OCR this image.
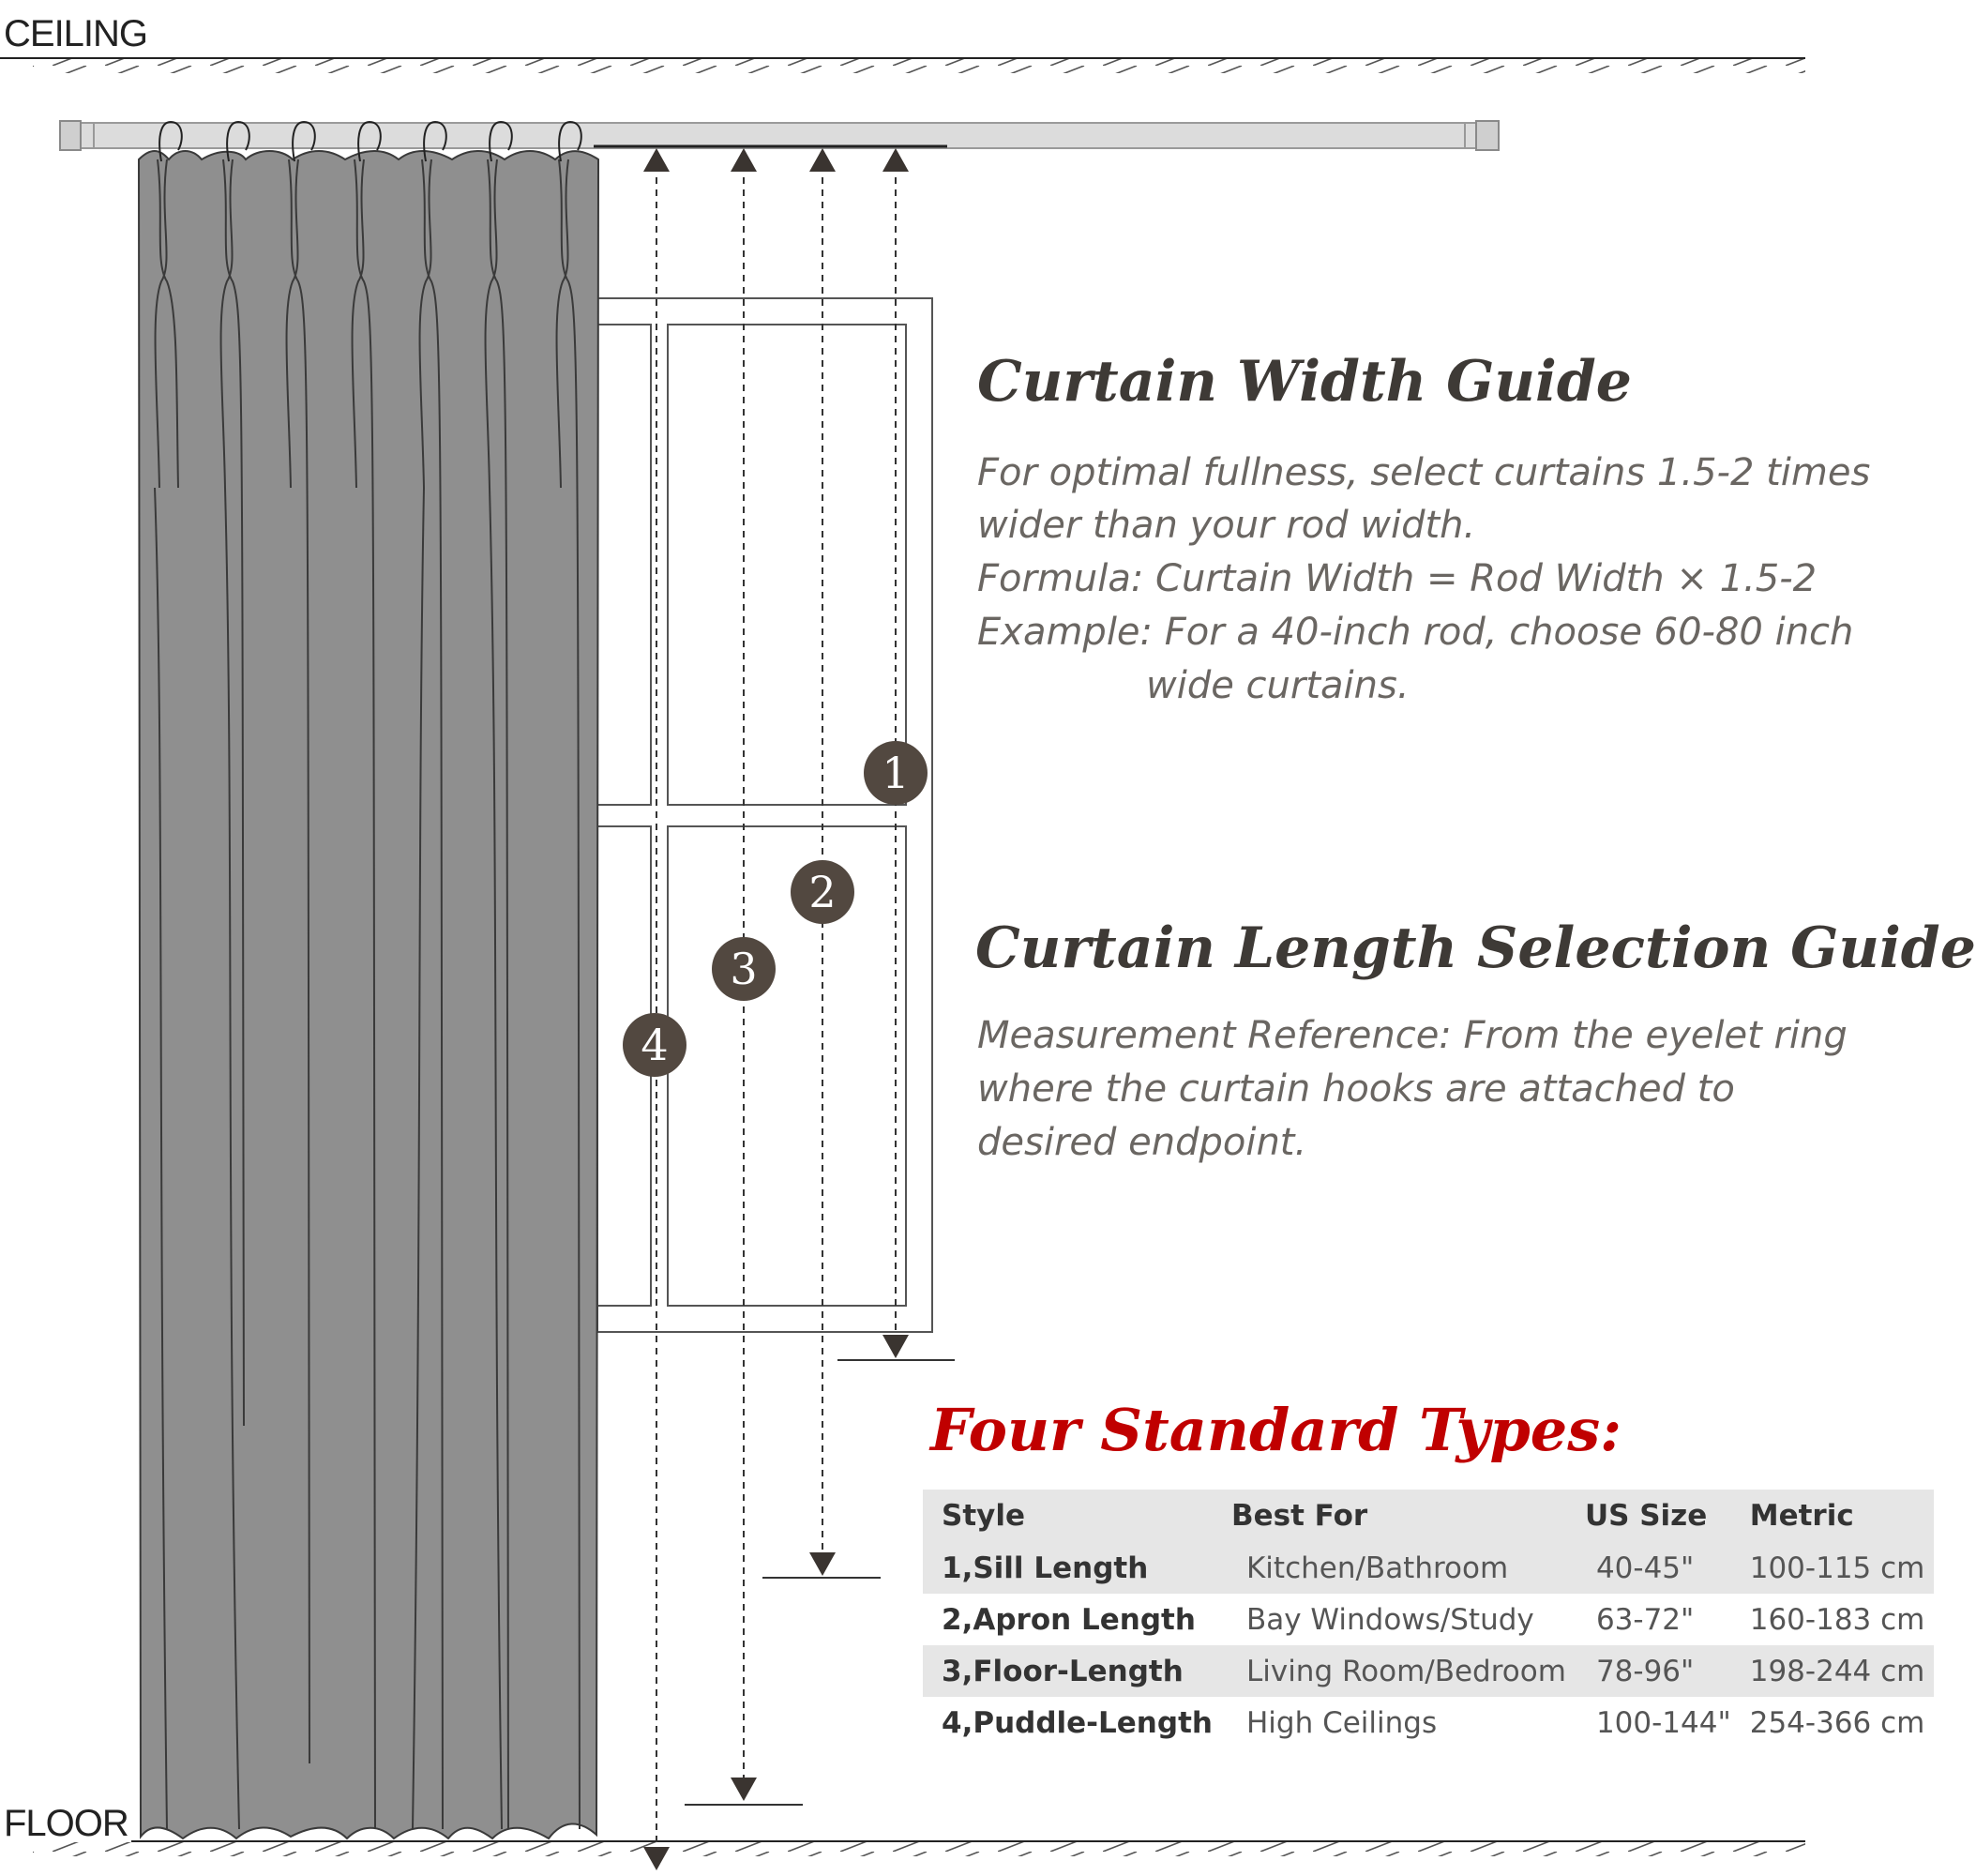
1
2
3
4
CEILING
FLOOR
Curtain Width Guide
For optimal fullness, select curtains 1.5-2 times
wider than your rod width.
Formula: Curtain Width = Rod Width × 1.5-2
Example: For a 40-inch rod, choose 60-80 inch
wide curtains.
Curtain Length Selection Guide
Measurement Reference: From the eyelet ring
where the curtain hooks are attached to
desired endpoint.
Four Standard Types:
Style	Best For	US Size	Metric
1,Sill Length	Kitchen/Bathroom	40-45"	100-115 cm
2,Apron Length	Bay Windows/Study	63-72"	160-183 cm
3,Floor-Length	Living Room/Bedroom	78-96"	198-244 cm
4,Puddle-Length	High Ceilings	100-144"	254-366 cm
